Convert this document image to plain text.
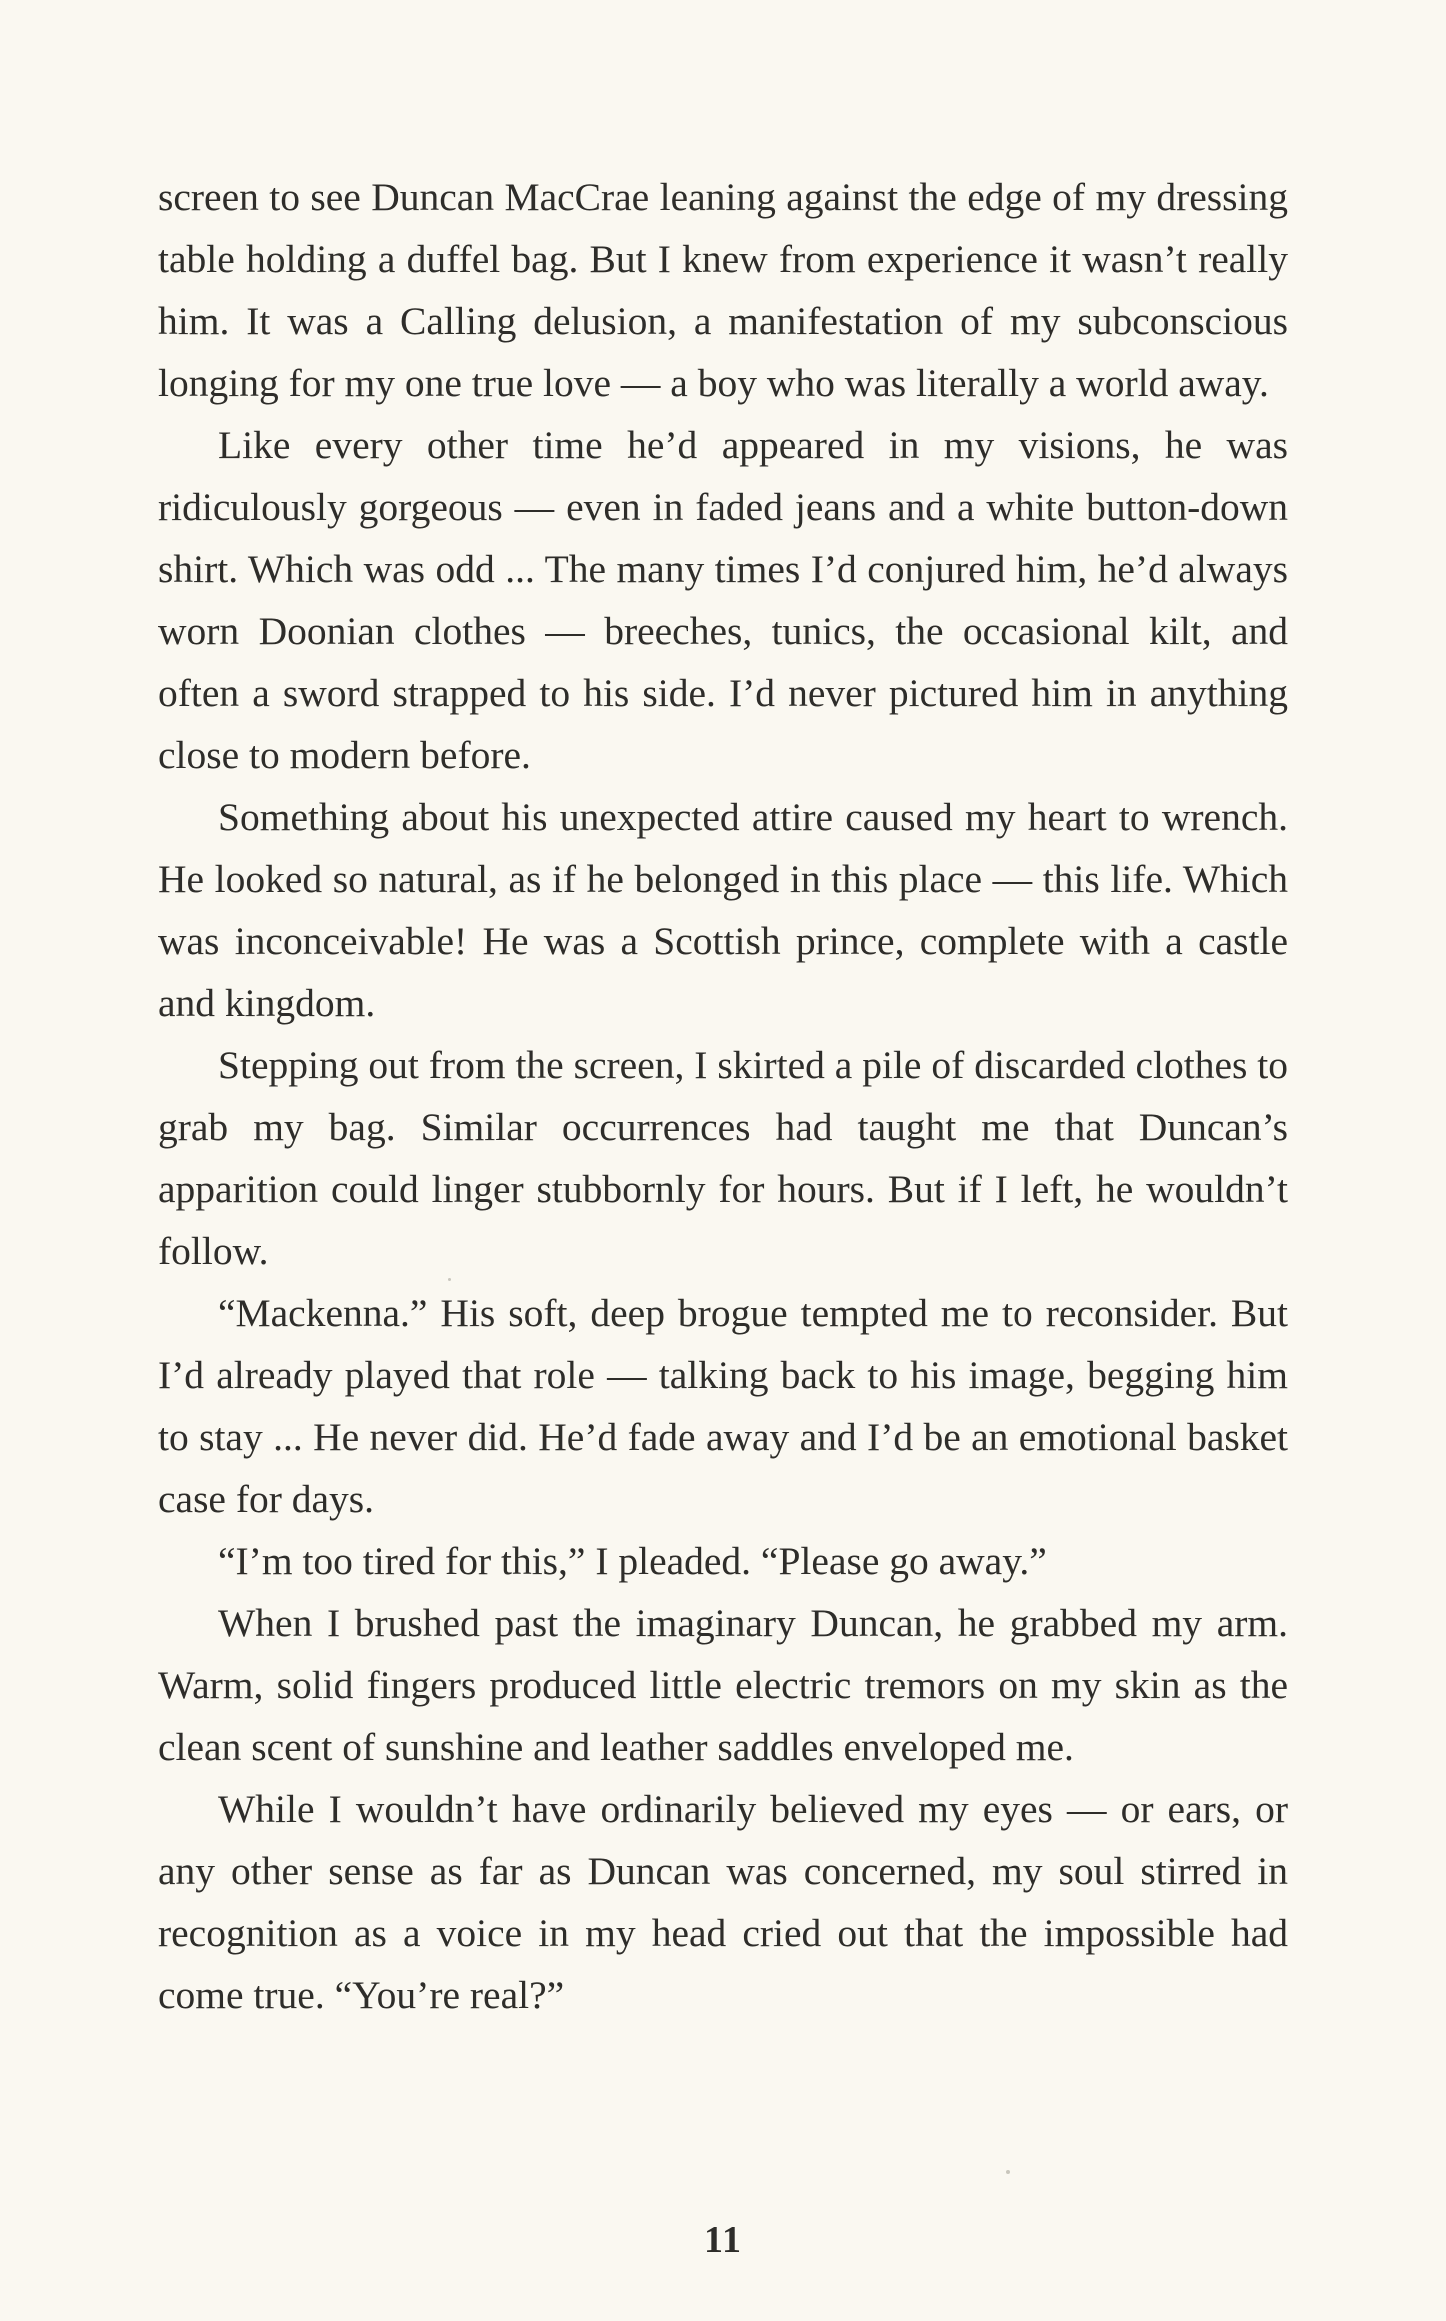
screen to see Duncan MacCrae leaning against the edge of my dressing table holding a duffel bag. But I knew from experience it wasn’t really him. It was a Calling delusion, a manifestation of my subconscious longing for my one true love — a boy who was literally a world away.

Like every other time he’d appeared in my visions, he was ridiculously gorgeous — even in faded jeans and a white button-down shirt. Which was odd ... The many times I’d conjured him, he’d always worn Doonian clothes — breeches, tunics, the occasional kilt, and often a sword strapped to his side. I’d never pictured him in anything close to modern before.

Something about his unexpected attire caused my heart to wrench. He looked so natural, as if he belonged in this place — this life. Which was inconceivable! He was a Scottish prince, complete with a castle and kingdom.

Stepping out from the screen, I skirted a pile of discarded clothes to grab my bag. Similar occurrences had taught me that Duncan’s apparition could linger stubbornly for hours. But if I left, he wouldn’t follow.

“Mackenna.” His soft, deep brogue tempted me to reconsider. But I’d already played that role — talking back to his image, begging him to stay ... He never did. He’d fade away and I’d be an emotional basket case for days.

“I’m too tired for this,” I pleaded. “Please go away.”

When I brushed past the imaginary Duncan, he grabbed my arm. Warm, solid fingers produced little electric tremors on my skin as the clean scent of sunshine and leather saddles enveloped me.

While I wouldn’t have ordinarily believed my eyes — or ears, or any other sense as far as Duncan was concerned, my soul stirred in recognition as a voice in my head cried out that the impossible had come true. “You’re real?”

11
